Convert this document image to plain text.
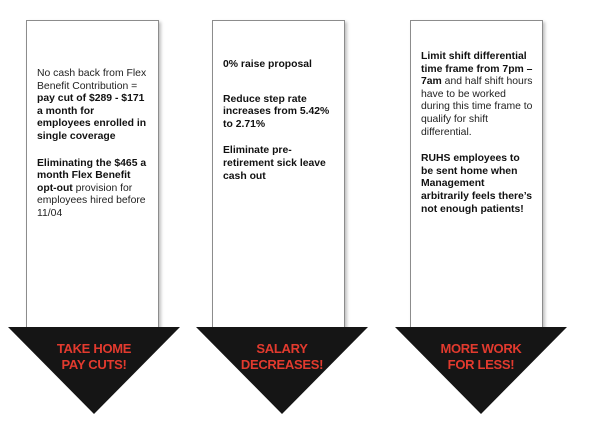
No cash back from Flex Benefit Contribution = pay cut of $289 - $171 a month for employees enrolled in single coverage

Eliminating the $465 a month Flex Benefit opt-out provision for employees hired before 11/04

0% raise proposal

Reduce step rate increases from 5.42% to 2.71%

Eliminate pre-retirement sick leave cash out

Limit shift differential time frame from 7pm – 7am and half shift hours have to be worked during this time frame to qualify for shift differential.

RUHS employees to be sent home when Management arbitrarily feels there’s not enough patients!

TAKE HOME
PAY CUTS!
SALARY
DECREASES!
MORE WORK
FOR LESS!
